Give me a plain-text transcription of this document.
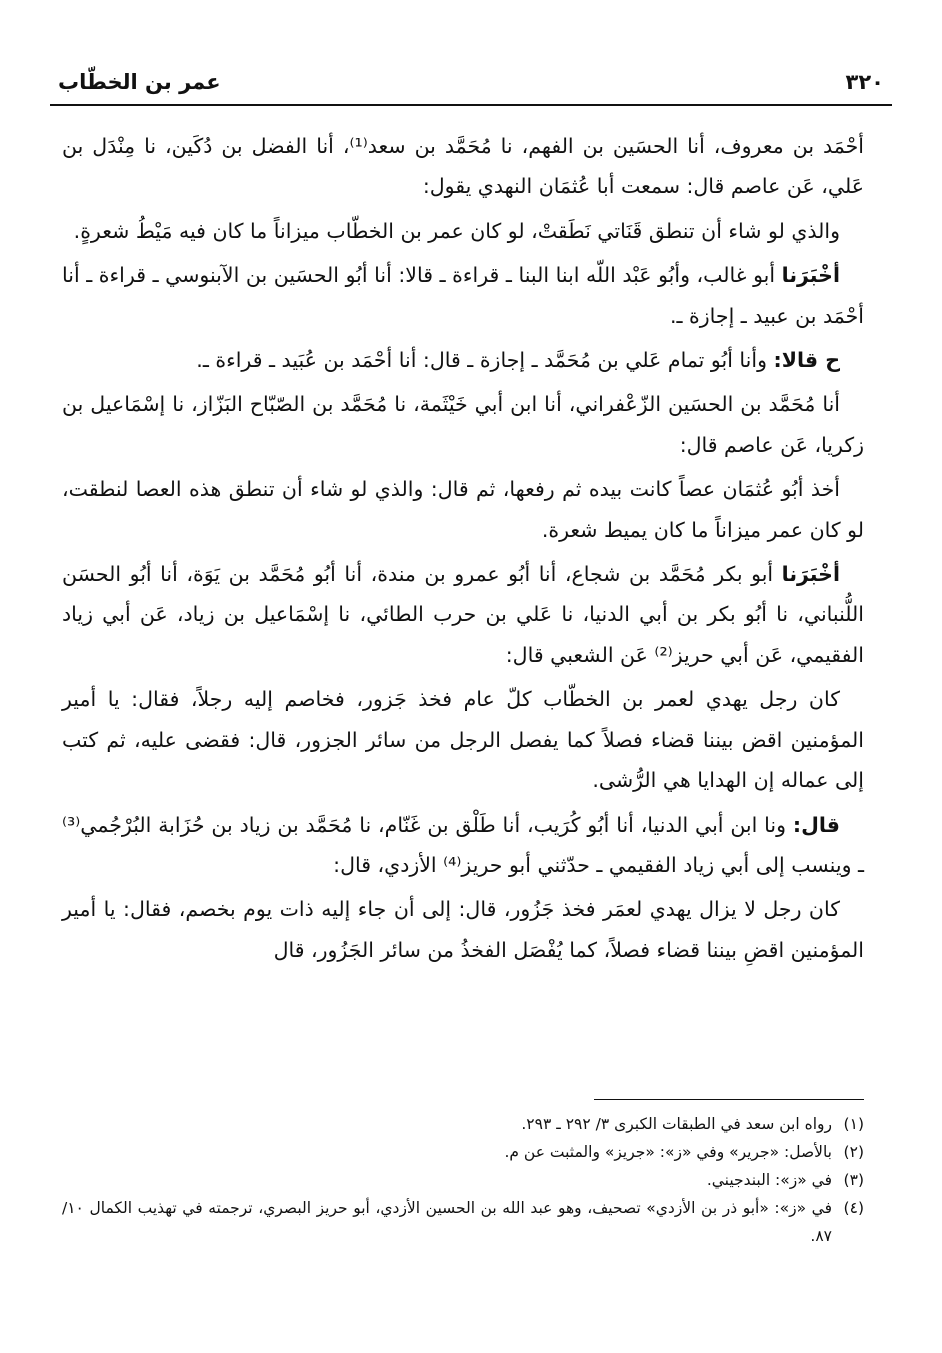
٣٢٠
عمر بن الخطّاب

أحْمَد بن معروف، أنا الحسَين بن الفهم، نا مُحَمَّد بن سعد⁽¹⁾، أنا الفضل بن دُكَين، نا مِنْدَل بن عَلي، عَن عاصم قال: سمعت أبا عُثمَان النهدي يقول:

والذي لو شاء أن تنطق قَنَاتي نَطَقتْ، لو كان عمر بن الخطّاب ميزاناً ما كان فيه مَيْطُ شعرةٍ.

أخْبَرَنا أبو غالب، وأبُو عَبْد اللّه ابنا البنا ـ قراءة ـ قالا: أنا أبُو الحسَين بن الآبنوسي ـ قراءة ـ أنا أحْمَد بن عبيد ـ إجازة ـ.

ح قالا: وأنا أبُو تمام عَلي بن مُحَمَّد ـ إجازة ـ قال: أنا أحْمَد بن عُبَيد ـ قراءة ـ.

أنا مُحَمَّد بن الحسَين الزّعْفراني، أنا ابن أبي خَيْثَمة، نا مُحَمَّد بن الصّبّاح البَزّاز، نا إسْمَاعيل بن زكريا، عَن عاصم قال:

أخذ أبُو عُثمَان عصاً كانت بيده ثم رفعها، ثم قال: والذي لو شاء أن تنطق هذه العصا لنطقت، لو كان عمر ميزاناً ما كان يميط شعرة.

أخْبَرَنا أبو بكر مُحَمَّد بن شجاع، أنا أبُو عمرو بن مندة، أنا أبُو مُحَمَّد بن يَوَة، أنا أبُو الحسَن اللُّنباني، نا أبُو بكر بن أبي الدنيا، نا عَلي بن حرب الطائي، نا إسْمَاعيل بن زياد، عَن أبي زياد الفقيمي، عَن أبي حريز⁽²⁾ عَن الشعبي قال:

كان رجل يهدي لعمر بن الخطّاب كلّ عام فخذ جَزور، فخاصم إليه رجلاً، فقال: يا أمير المؤمنين اقض بيننا قضاء فصلاً كما يفصل الرجل من سائر الجزور، قال: فقضى عليه، ثم كتب إلى عماله إن الهدايا هي الرُّشى.

قال: ونا ابن أبي الدنيا، أنا أبُو كُرَيب، أنا طَلْق بن غَنّام، نا مُحَمَّد بن زياد بن حُزَابة البُرْجُمي⁽³⁾ ـ وينسب إلى أبي زياد الفقيمي ـ حدّثني أبو حريز⁽⁴⁾ الأزدي، قال:

كان رجل لا يزال يهدي لعمَر فخذ جَزُور، قال: إلى أن جاء إليه ذات يوم بخصم، فقال: يا أمير المؤمنين اقضِ بيننا قضاء فصلاً، كما يُفْصَل الفخذُ من سائر الجَزُور، قال

(١)
رواه ابن سعد في الطبقات الكبرى ٣/ ٢٩٢ ـ ٢٩٣.
(٢)
بالأصل: «جرير» وفي «ز»: «جريز» والمثبت عن م.
(٣)
في «ز»: البندجيني.
(٤)
في «ز»: «أبو ذر بن الأزدي» تصحيف، وهو عبد الله بن الحسين الأزدي، أبو حريز البصري، ترجمته في تهذيب الكمال ١٠/ ٨٧.
